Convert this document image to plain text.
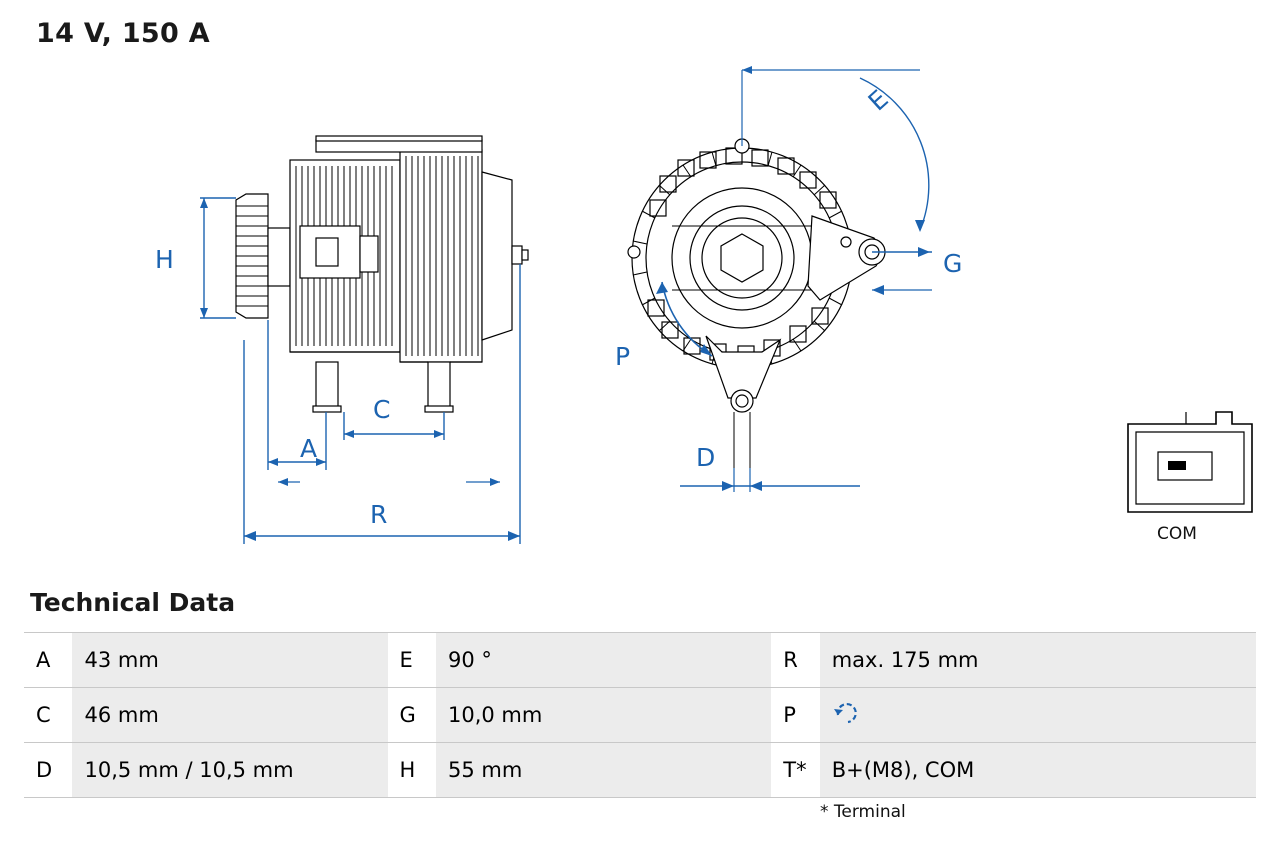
14 V, 150 A
H
A
C
R
E
G
P
D
COM
Technical Data
A	43 mm	E	90 °	R	max. 175 mm
C	46 mm	G	10,0 mm	P	
D	10,5 mm / 10,5 mm	H	55 mm	T*	B+(M8), COM
* Terminal
